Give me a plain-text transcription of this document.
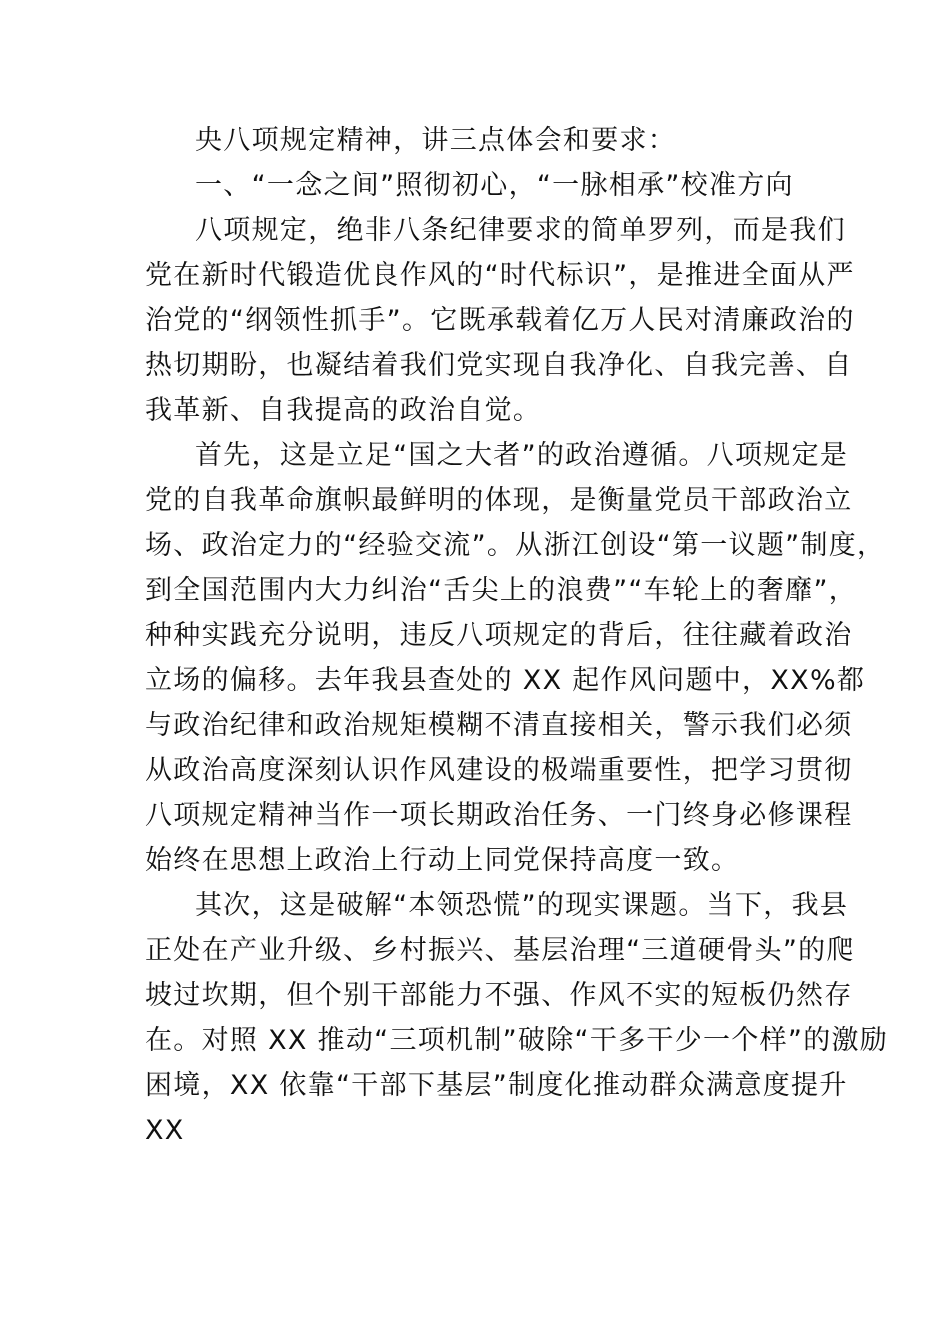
央八项规定精神，讲三点体会和要求：
一、“一念之间”照彻初心，“一脉相承”校准方向
八项规定，绝非八条纪律要求的简单罗列，而是我们
党在新时代锻造优良作风的“时代标识”，是推进全面从严
治党的“纲领性抓手”。它既承载着亿万人民对清廉政治的
热切期盼，也凝结着我们党实现自我净化、自我完善、自
我革新、自我提高的政治自觉。
首先，这是立足“国之大者”的政治遵循。八项规定是
党的自我革命旗帜最鲜明的体现，是衡量党员干部政治立
场、政治定力的“经验交流”。从浙江创设“第一议题”制度，
到全国范围内大力纠治“舌尖上的浪费”“车轮上的奢靡”，
种种实践充分说明，违反八项规定的背后，往往藏着政治
立场的偏移。去年我县查处的 XX 起作风问题中，XX%都
与政治纪律和政治规矩模糊不清直接相关，警示我们必须
从政治高度深刻认识作风建设的极端重要性，把学习贯彻
八项规定精神当作一项长期政治任务、一门终身必修课程
始终在思想上政治上行动上同党保持高度一致。
其次，这是破解“本领恐慌”的现实课题。当下，我县
正处在产业升级、乡村振兴、基层治理“三道硬骨头”的爬
坡过坎期，但个别干部能力不强、作风不实的短板仍然存
在。对照 XX 推动“三项机制”破除“干多干少一个样”的激励
困境，XX 依靠“干部下基层”制度化推动群众满意度提升
XX
